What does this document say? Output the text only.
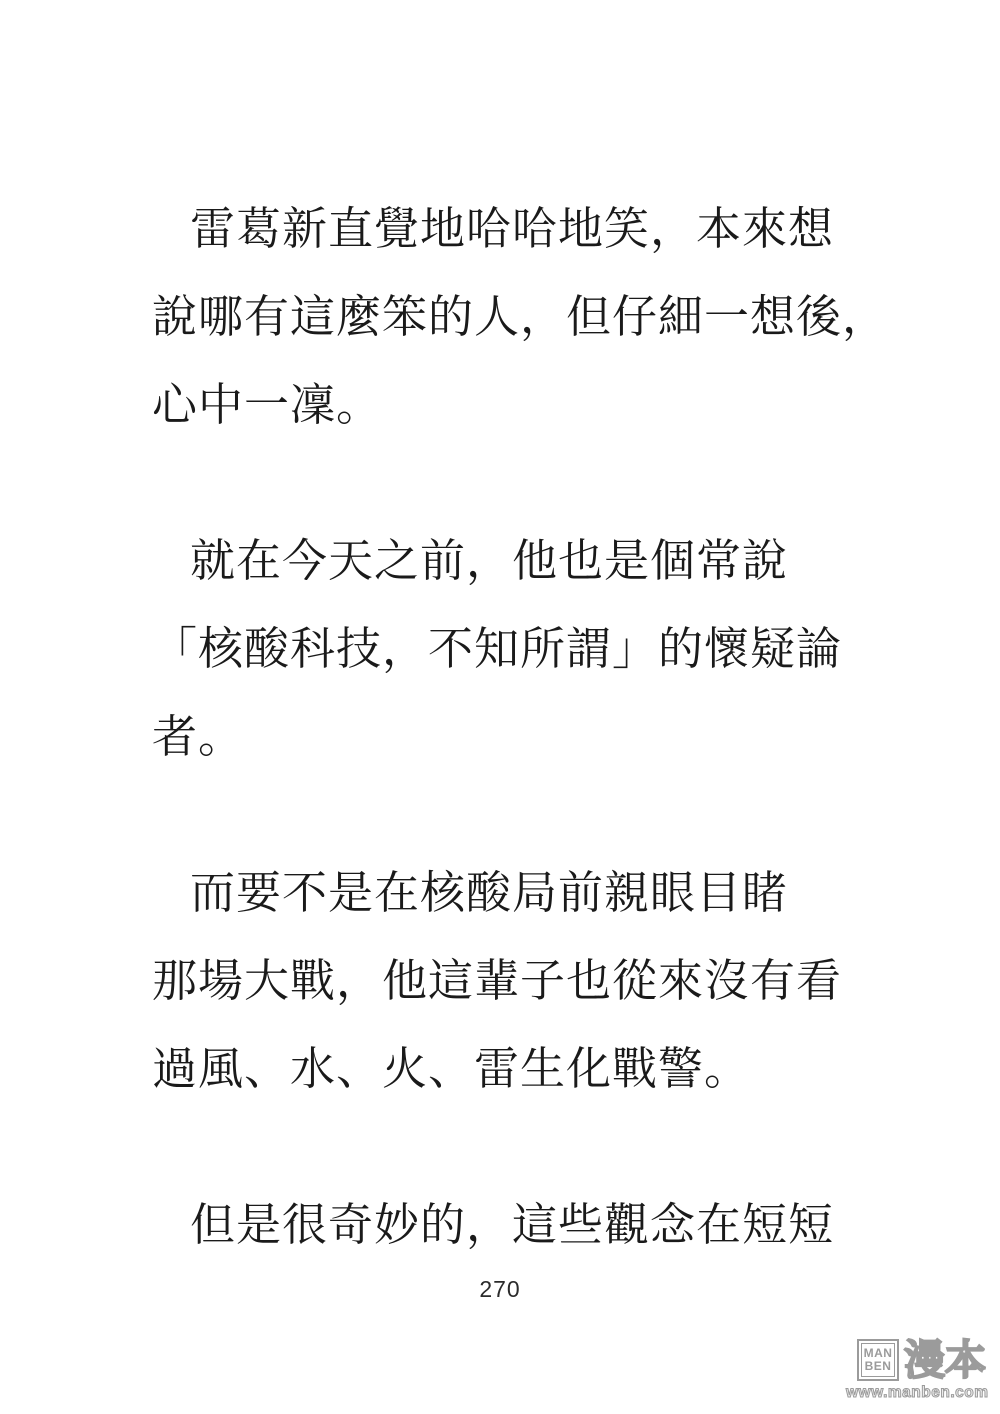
雷葛新直覺地哈哈地笑，本來想
說哪有這麼笨的人，但仔細一想後，
心中一凜。

就在今天之前，他也是個常說
「核酸科技，不知所謂」的懷疑論
者。

而要不是在核酸局前親眼目睹
那場大戰，他這輩子也從來沒有看
過風、水、火、雷生化戰警。

但是很奇妙的，這些觀念在短短

270
MAN
BEN 漫本
www.manben.com
